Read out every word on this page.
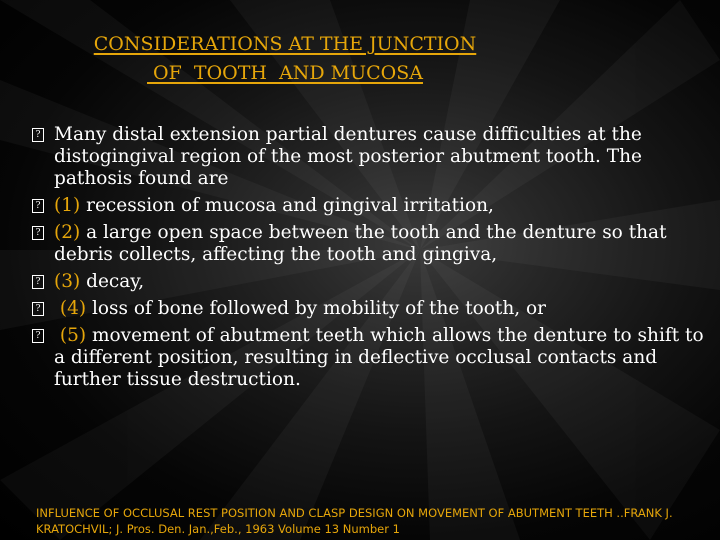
CONSIDERATIONS AT THE JUNCTION
OF  TOOTH  AND MUCOSA
? Many distal extension partial dentures cause difficulties at the distogingival region of the most posterior abutment tooth. The pathosis found are
? (1) recession of mucosa and gingival irritation,
? (2) a large open space between the tooth and the denture so that debris collects, affecting the tooth and gingiva,
? (3) decay,
? (4) loss of bone followed by mobility of the tooth, or
? (5) movement of abutment teeth which allows the denture to shift to a different position, resulting in deflective occlusal contacts and further tissue destruction.
INFLUENCE OF OCCLUSAL REST POSITION AND CLASP DESIGN ON MOVEMENT OF ABUTMENT TEETH ..FRANK J. KRATOCHVIL; J. Pros. Den. Jan.,Feb., 1963 Volume 13 Number 1
